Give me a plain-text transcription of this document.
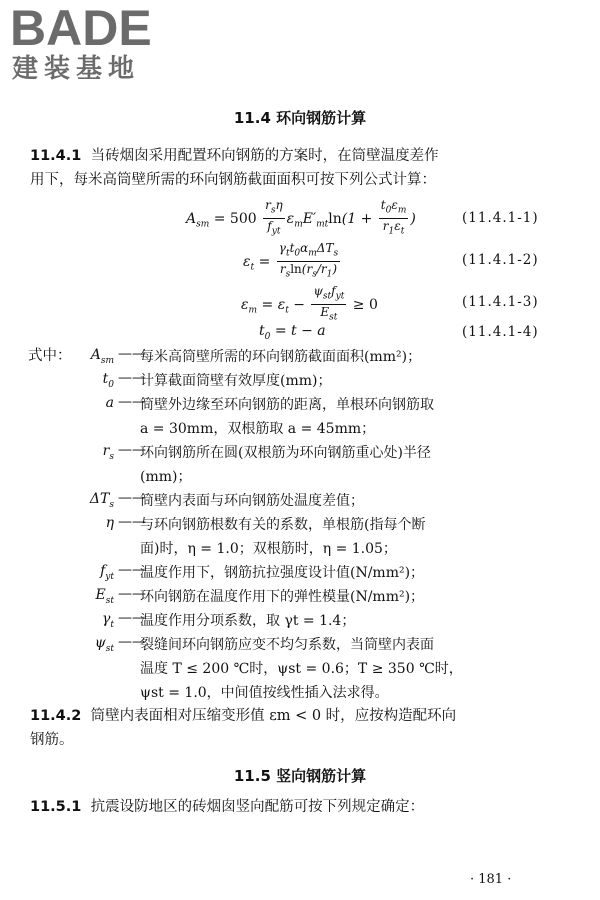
BADE
建装基地
11.4 环向钢筋计算
11.4.1 当砖烟囱采用配置环向钢筋的方案时，在筒壁温度差作
用下，每米高筒壁所需的环向钢筋截面面积可按下列公式计算：
$A_{sm} = 500 \frac{r_s\eta}{f_{yt}} \varepsilon_mE'_{mt}\ln(1 + \frac{t_0\varepsilon_m}{r_1\varepsilon_t}$ )	(11.4.1-1)
$\varepsilon_t = \frac{\gamma_tt_0\alpha_m\Delta T_s}{r_s\ln(r_s/r_1)}$	(11.4.1-2)
$\varepsilon_m = \varepsilon_t - \frac{\psi_{st}f_{yt}}{E_{st}} \ge 0$	(11.4.1-3)
$t_0 = t - a$	(11.4.1-4)
式中：	$A_{sm}$ ——
每米高筒壁所需的环向钢筋截面面积(mm²)；
$t_0$ ——
计算截面筒壁有效厚度(mm)；
a ——
筒壁外边缘至环向钢筋的距离，单根环向钢筋取
a = 30mm，双根筋取 a = 45mm；
$r_s$ ——
环向钢筋所在圆(双根筋为环向钢筋重心处)半径
(mm)；
$\Delta T_s$ ——
筒壁内表面与环向钢筋处温度差值；
η ——
与环向钢筋根数有关的系数，单根筋(指每个断
面)时，η = 1.0；双根筋时，η = 1.05；
$f_{yt}$ ——
温度作用下，钢筋抗拉强度设计值(N/mm²)；
$E_{st}$ ——
环向钢筋在温度作用下的弹性模量(N/mm²)；
$\gamma_t$ ——
温度作用分项系数，取 γt = 1.4；
$\psi_{st}$ ——
裂缝间环向钢筋应变不均匀系数，当筒壁内表面
温度 T ≤ 200 ℃时，ψst = 0.6；T ≥ 350 ℃时，
ψst = 1.0，中间值按线性插入法求得。
11.4.2 筒壁内表面相对压缩变形值 εm < 0 时，应按构造配环向
钢筋。
11.5 竖向钢筋计算
11.5.1 抗震设防地区的砖烟囱竖向配筋可按下列规定确定：
· 181 ·
